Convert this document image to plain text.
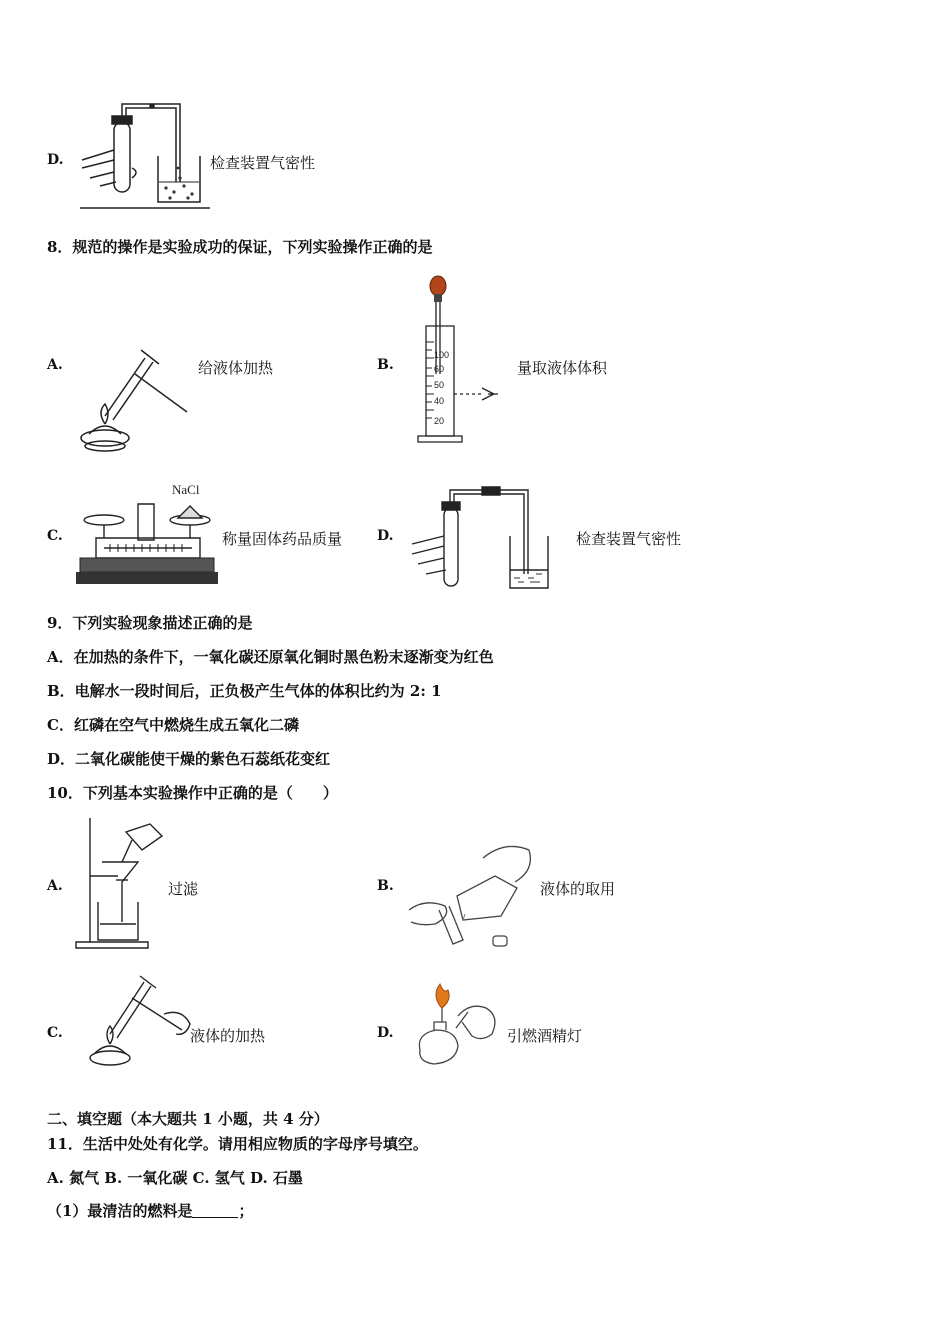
D.	检查装置气密性
8．规范的操作是实验成功的保证，下列实验操作正确的是
A.	给液体加热	B.
100
60
50
40
20
量取液体体积
C.
NaCl
称量固体药品质量 D.	检查装置气密性
9．下列实验现象描述正确的是
A．在加热的条件下，一氧化碳还原氧化铜时黑色粉末逐渐变为红色
B．电解水一段时间后，正负极产生气体的体积比约为 2: 1
C．红磷在空气中燃烧生成五氧化二磷
D．二氧化碳能使干燥的紫色石蕊纸花变红
10．下列基本实验操作中正确的是（　　）
A.	过滤	B.	液体的取用
C.	液体的加热	D.	引燃酒精灯
二、填空题（本大题共 1 小题，共 4 分）
11．生活中处处有化学。请用相应物质的字母序号填空。
A. 氮气 B. 一氧化碳 C. 氢气 D. 石墨
（1）最清洁的燃料是	；
